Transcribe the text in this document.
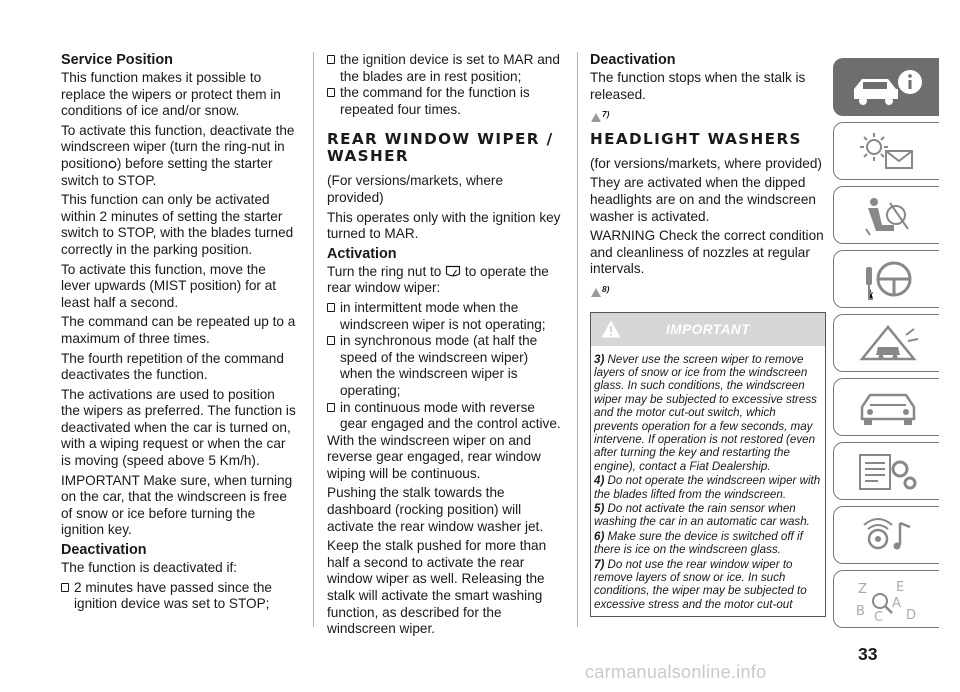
Service Position

This function makes it possible to replace the wipers or protect them in conditions of ice and/or snow.

To activate this function, deactivate the windscreen wiper (turn the ring-nut in position ) before setting the starter switch to STOP.

This function can only be activated within 2 minutes of setting the starter switch to STOP, with the blades turned correctly in the parking position.

To activate this function, move the lever upwards (MIST position) for at least half a second.

The command can be repeated up to a maximum of three times.

The fourth repetition of the command deactivates the function.

The activations are used to position the wipers as preferred. The function is deactivated when the car is turned on, with a wiping request or when the car is moving (speed above 5 Km/h).

IMPORTANT Make sure, when turning on the car, that the windscreen is free of snow or ice before turning the ignition key.

Deactivation

The function is deactivated if:

2 minutes have passed since the ignition device was set to STOP;
the ignition device is set to MAR and the blades are in rest position;
the command for the function is repeated four times.
REAR WINDOW WIPER / WASHER

(For versions/markets, where provided)

This operates only with the ignition key turned to MAR.

Activation

Turn the ring nut to to operate the rear window wiper:

in intermittent mode when the windscreen wiper is not operating;
in synchronous mode (at half the speed of the windscreen wiper) when the windscreen wiper is operating;
in continuous mode with reverse gear engaged and the control active.

With the windscreen wiper on and reverse gear engaged, rear window wiping will be continuous.

Pushing the stalk towards the dashboard (rocking position) will activate the rear window washer jet.

Keep the stalk pushed for more than half a second to activate the rear window wiper as well. Releasing the stalk will activate the smart washing function, as described for the windscreen wiper.

Deactivation

The function stops when the stalk is released.

7)
HEADLIGHT WASHERS

(for versions/markets, where provided)

They are activated when the dipped headlights are on and the windscreen washer is activated.

WARNING Check the correct condition and cleanliness of nozzles at regular intervals.

8)
IMPORTANT

3) Never use the screen wiper to remove layers of snow or ice from the windscreen glass. In such conditions, the windscreen wiper may be subjected to excessive stress and the motor cut-out switch, which prevents operation for a few seconds, may intervene. If operation is not restored (even after turning the key and restarting the engine), contact a Fiat Dealership.

4) Do not operate the windscreen wiper with the blades lifted from the windscreen.

5) Do not activate the rain sensor when washing the car in an automatic car wash.

6) Make sure the device is switched off if there is ice on the windscreen glass.

7) Do not use the rear window wiper to remove layers of snow or ice. In such conditions, the wiper may be subjected to excessive stress and the motor cut-out

Z E
B C
A
D
33
carmanualsonline.info
